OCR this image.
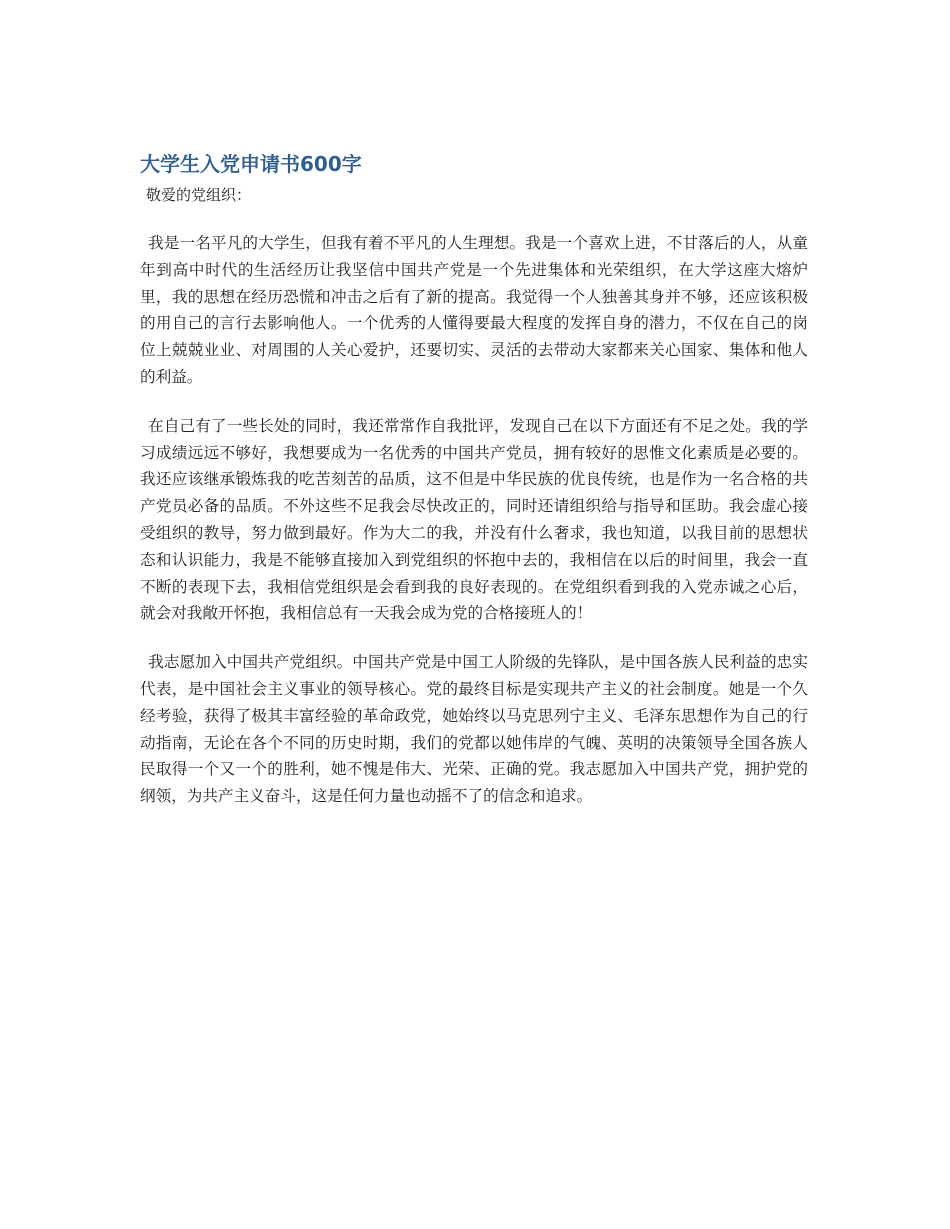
大学生入党申请书600字

敬爱的党组织：

我是一名平凡的大学生，但我有着不平凡的人生理想。我是一个喜欢上进，不甘落后的人，从童年到高中时代的生活经历让我坚信中国共产党是一个先进集体和光荣组织，在大学这座大熔炉里，我的思想在经历恐慌和冲击之后有了新的提高。我觉得一个人独善其身并不够，还应该积极的用自己的言行去影响他人。一个优秀的人懂得要最大程度的发挥自身的潜力，不仅在自己的岗位上兢兢业业、对周围的人关心爱护，还要切实、灵活的去带动大家都来关心国家、集体和他人的利益。

在自己有了一些长处的同时，我还常常作自我批评，发现自己在以下方面还有不足之处。我的学习成绩远远不够好，我想要成为一名优秀的中国共产党员，拥有较好的思惟文化素质是必要的。我还应该继承锻炼我的吃苦刻苦的品质，这不但是中华民族的优良传统，也是作为一名合格的共产党员必备的品质。不外这些不足我会尽快改正的，同时还请组织给与指导和匡助。我会虚心接受组织的教导，努力做到最好。作为大二的我，并没有什么奢求，我也知道，以我目前的思想状态和认识能力，我是不能够直接加入到党组织的怀抱中去的，我相信在以后的时间里，我会一直不断的表现下去，我相信党组织是会看到我的良好表现的。在党组织看到我的入党赤诚之心后，就会对我敞开怀抱，我相信总有一天我会成为党的合格接班人的！

我志愿加入中国共产党组织。中国共产党是中国工人阶级的先锋队，是中国各族人民利益的忠实代表，是中国社会主义事业的领导核心。党的最终目标是实现共产主义的社会制度。她是一个久经考验，获得了极其丰富经验的革命政党，她始终以马克思列宁主义、毛泽东思想作为自己的行动指南，无论在各个不同的历史时期，我们的党都以她伟岸的气魄、英明的决策领导全国各族人民取得一个又一个的胜利，她不愧是伟大、光荣、正确的党。我志愿加入中国共产党，拥护党的纲领，为共产主义奋斗，这是任何力量也动摇不了的信念和追求。
